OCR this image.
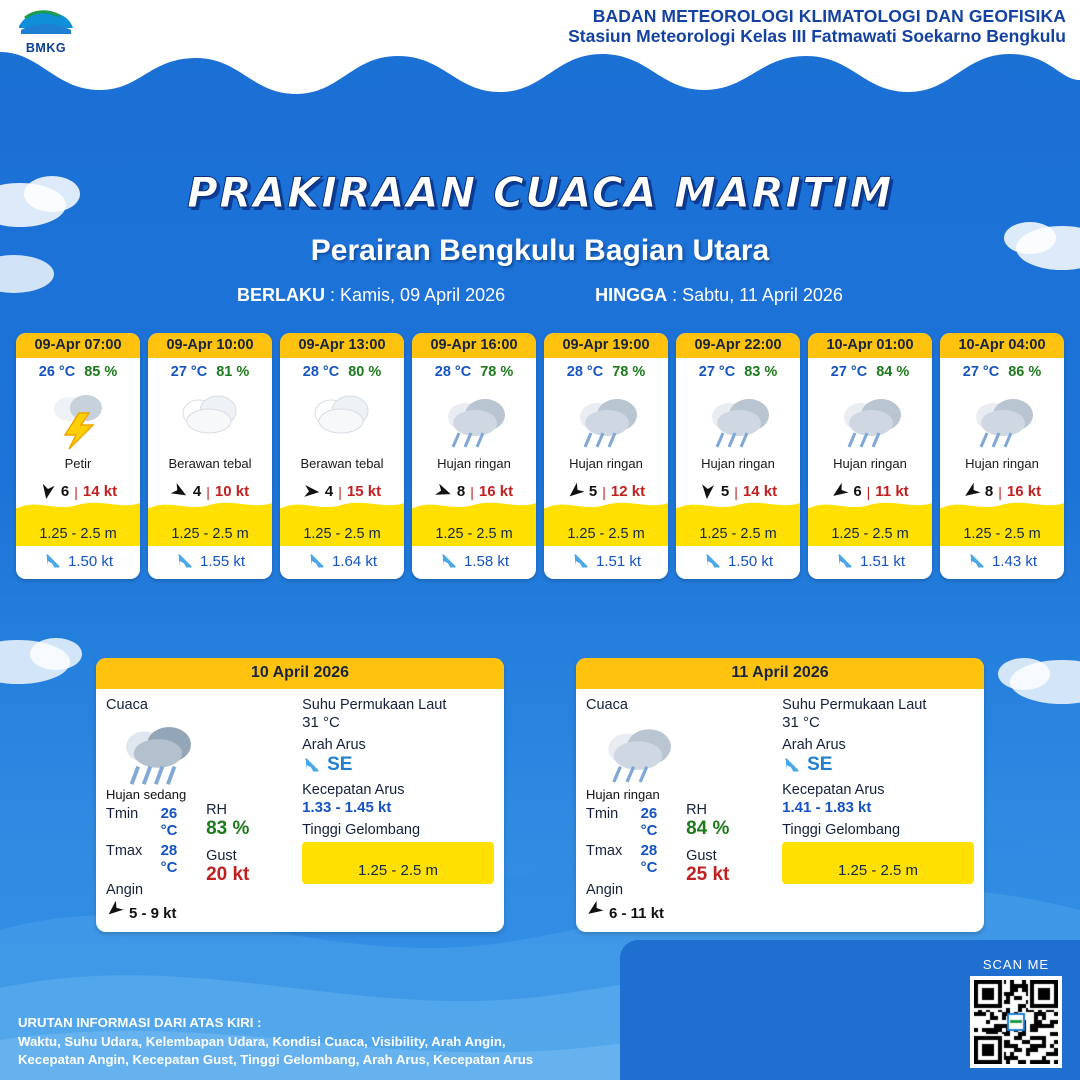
BMKG
BADAN METEOROLOGI KLIMATOLOGI DAN GEOFISIKA
Stasiun Meteorologi Kelas III Fatmawati Soekarno Bengkulu
PRAKIRAAN CUACA MARITIM
Perairan Bengkulu Bagian Utara
BERLAKU : Kamis, 09 April 2026	HINGGA : Sabtu, 11 April 2026
09-Apr 07:00
26 °C 85 %
Petir
6 | 14 kt
1.25 - 2.5 m
1.50 kt
09-Apr 10:00
27 °C 81 %
Berawan tebal
4 | 10 kt
1.25 - 2.5 m
1.55 kt
09-Apr 13:00
28 °C 80 %
Berawan tebal
4 | 15 kt
1.25 - 2.5 m
1.64 kt
09-Apr 16:00
28 °C 78 %
Hujan ringan
8 | 16 kt
1.25 - 2.5 m
1.58 kt
09-Apr 19:00
28 °C 78 %
Hujan ringan
5 | 12 kt
1.25 - 2.5 m
1.51 kt
09-Apr 22:00
27 °C 83 %
Hujan ringan
5 | 14 kt
1.25 - 2.5 m
1.50 kt
10-Apr 01:00
27 °C 84 %
Hujan ringan
6 | 11 kt
1.25 - 2.5 m
1.51 kt
10-Apr 04:00
27 °C 86 %
Hujan ringan
8 | 16 kt
1.25 - 2.5 m
1.43 kt
10 April 2026
Cuaca
Hujan sedang
Tmin	26 °C
Tmax	28 °C
Angin
5 - 9 kt
RH
83 %
Gust
20 kt
Suhu Permukaan Laut
31 °C
Arah Arus
SE
Kecepatan Arus
1.33 - 1.45 kt
Tinggi Gelombang
1.25 - 2.5 m
11 April 2026
Cuaca
Hujan ringan
Tmin	26 °C
Tmax	28 °C
Angin
6 - 11 kt
RH
84 %
Gust
25 kt
Suhu Permukaan Laut
31 °C
Arah Arus
SE
Kecepatan Arus
1.41 - 1.83 kt
Tinggi Gelombang
1.25 - 2.5 m
URUTAN INFORMASI DARI ATAS KIRI :
Waktu, Suhu Udara, Kelembapan Udara, Kondisi Cuaca, Visibility, Arah Angin,
Kecepatan Angin, Kecepatan Gust, Tinggi Gelombang, Arah Arus, Kecepatan Arus
SCAN ME
